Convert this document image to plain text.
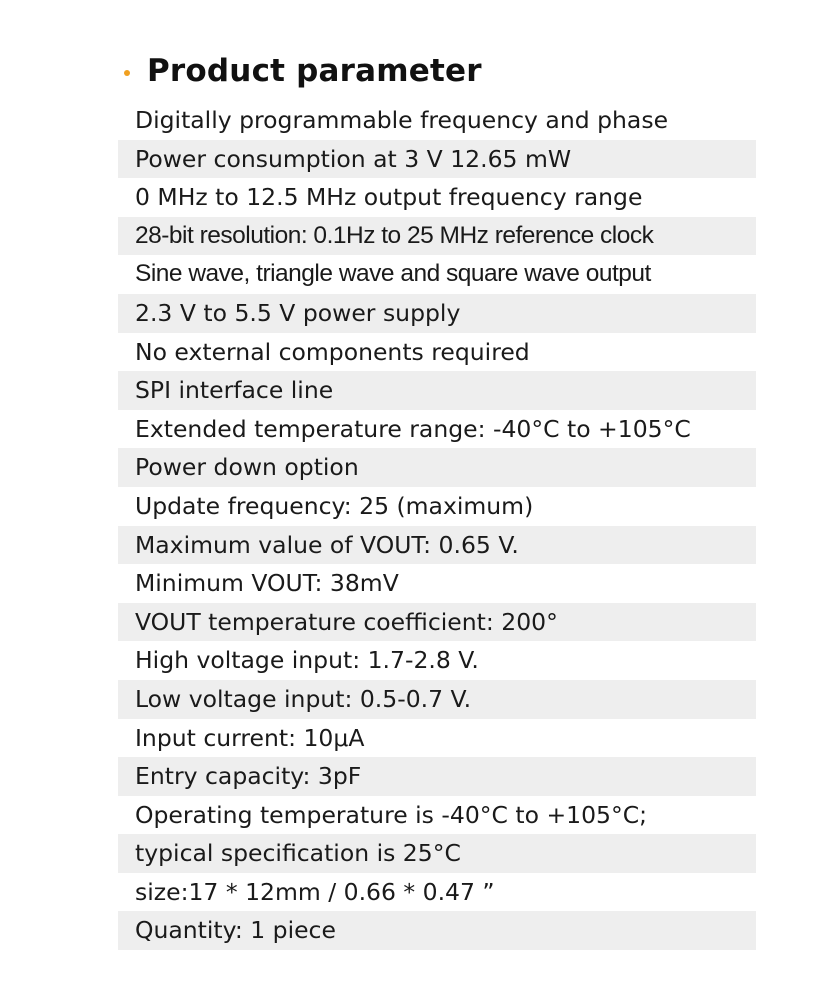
Product parameter
Digitally programmable frequency and phase
Power consumption at 3 V 12.65 mW
0 MHz to 12.5 MHz output frequency range
28-bit resolution: 0.1Hz to 25 MHz reference clock
Sine wave, triangle wave and square wave output
2.3 V to 5.5 V power supply
No external components required
SPI interface line
Extended temperature range: -40°C to +105°C
Power down option
Update frequency: 25 (maximum)
Maximum value of VOUT: 0.65 V.
Minimum VOUT: 38mV
VOUT temperature coefficient: 200°
High voltage input: 1.7-2.8 V.
Low voltage input: 0.5-0.7 V.
Input current: 10μA
Entry capacity: 3pF
Operating temperature is -40°C to +105°C;
typical specification is 25°C
size:17 * 12mm / 0.66 * 0.47 ”
Quantity: 1 piece
